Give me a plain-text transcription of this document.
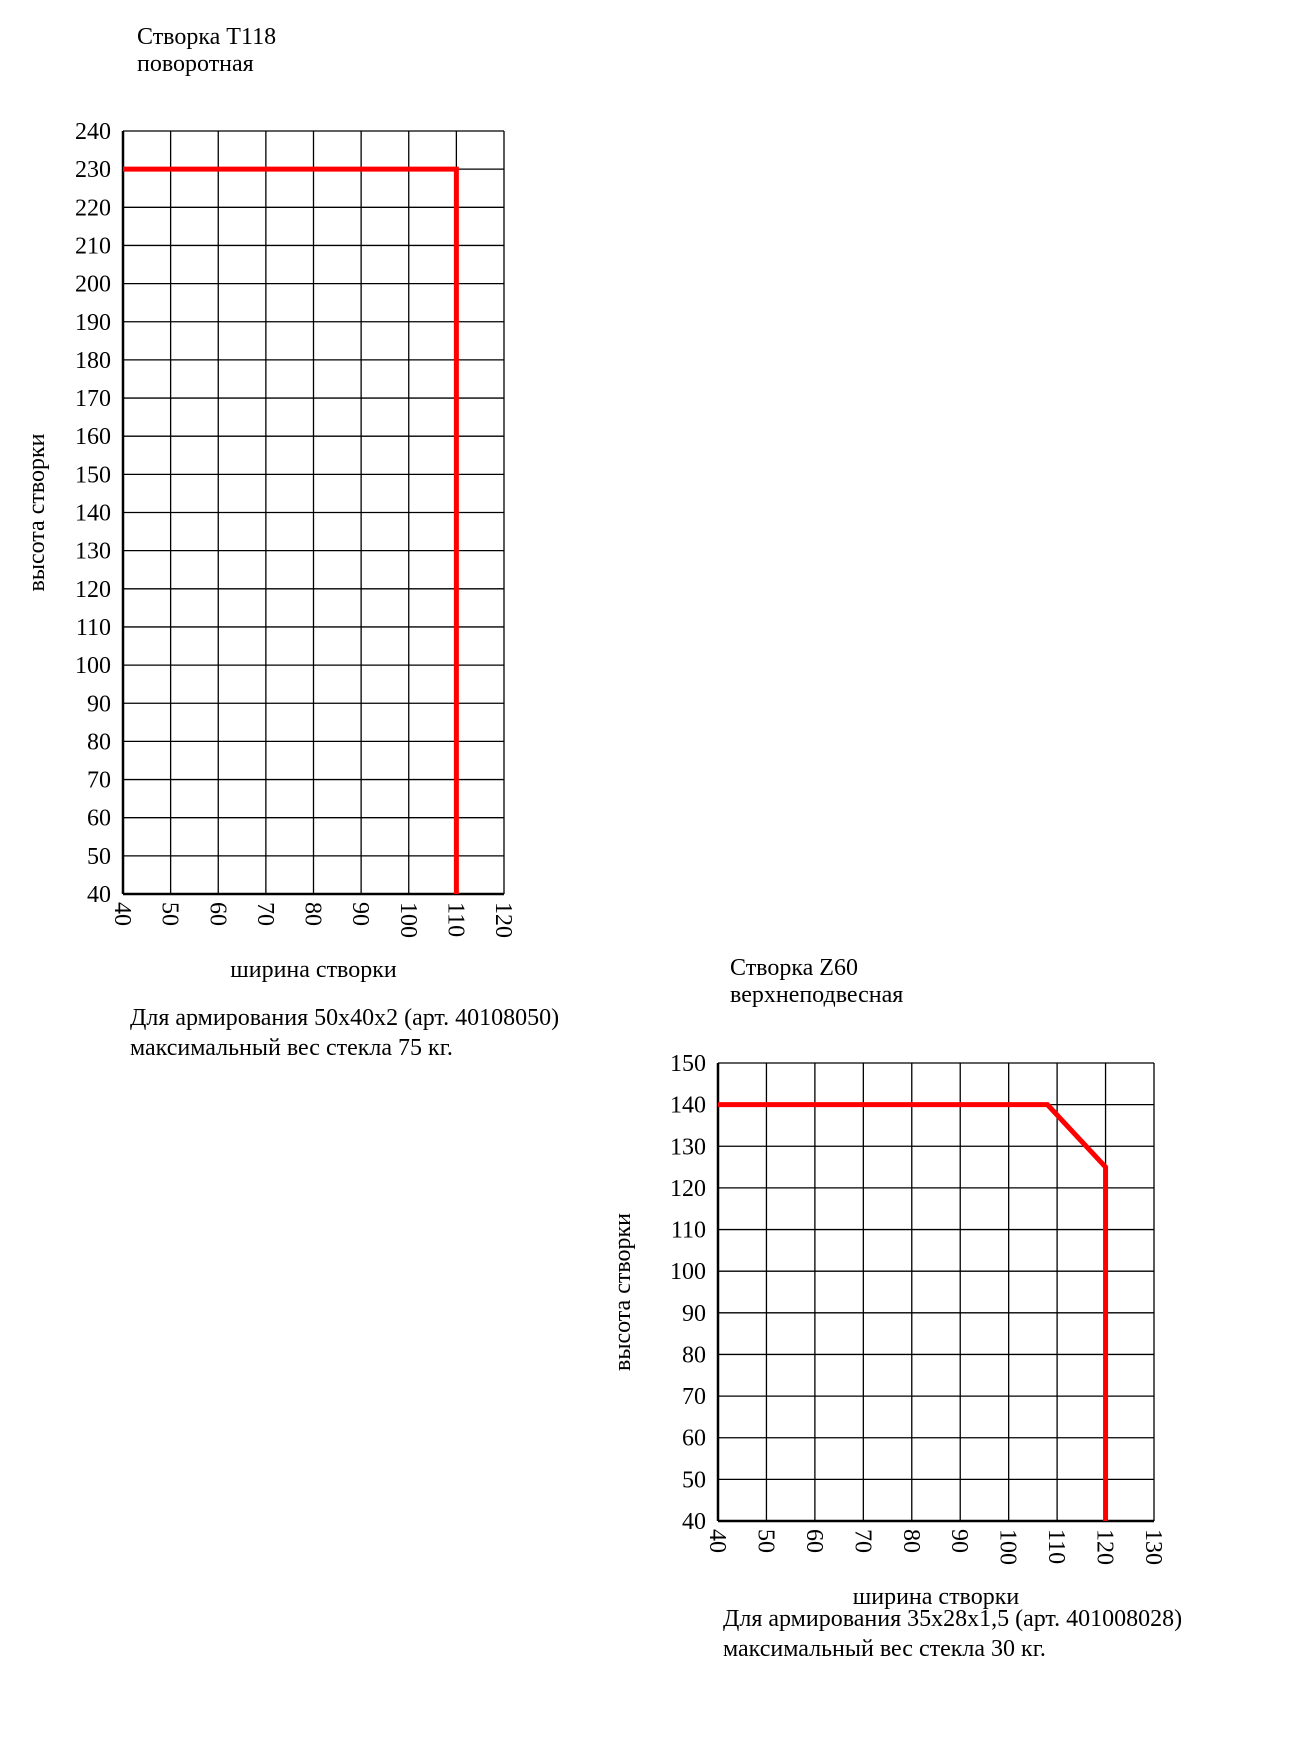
Створка T118
поворотная
40
50
60
70
80
90
100
110
120
130
140
150
160
170
180
190
200
210
220
230
240
40 50 60 70 80 90 100 110 120
ширина створки
высота створки
Для армирования 50x40x2 (арт. 40108050)
максимальный вес стекла 75 кг.
Створка Z60
верхнеподвесная
40
50
60
70
80
90
100
110
120
130
140
150
40 50 60 70 80 90 100 110 120 130
ширина створки
высота створки
Для армирования 35x28x1,5 (арт. 401008028)
максимальный вес стекла 30 кг.
